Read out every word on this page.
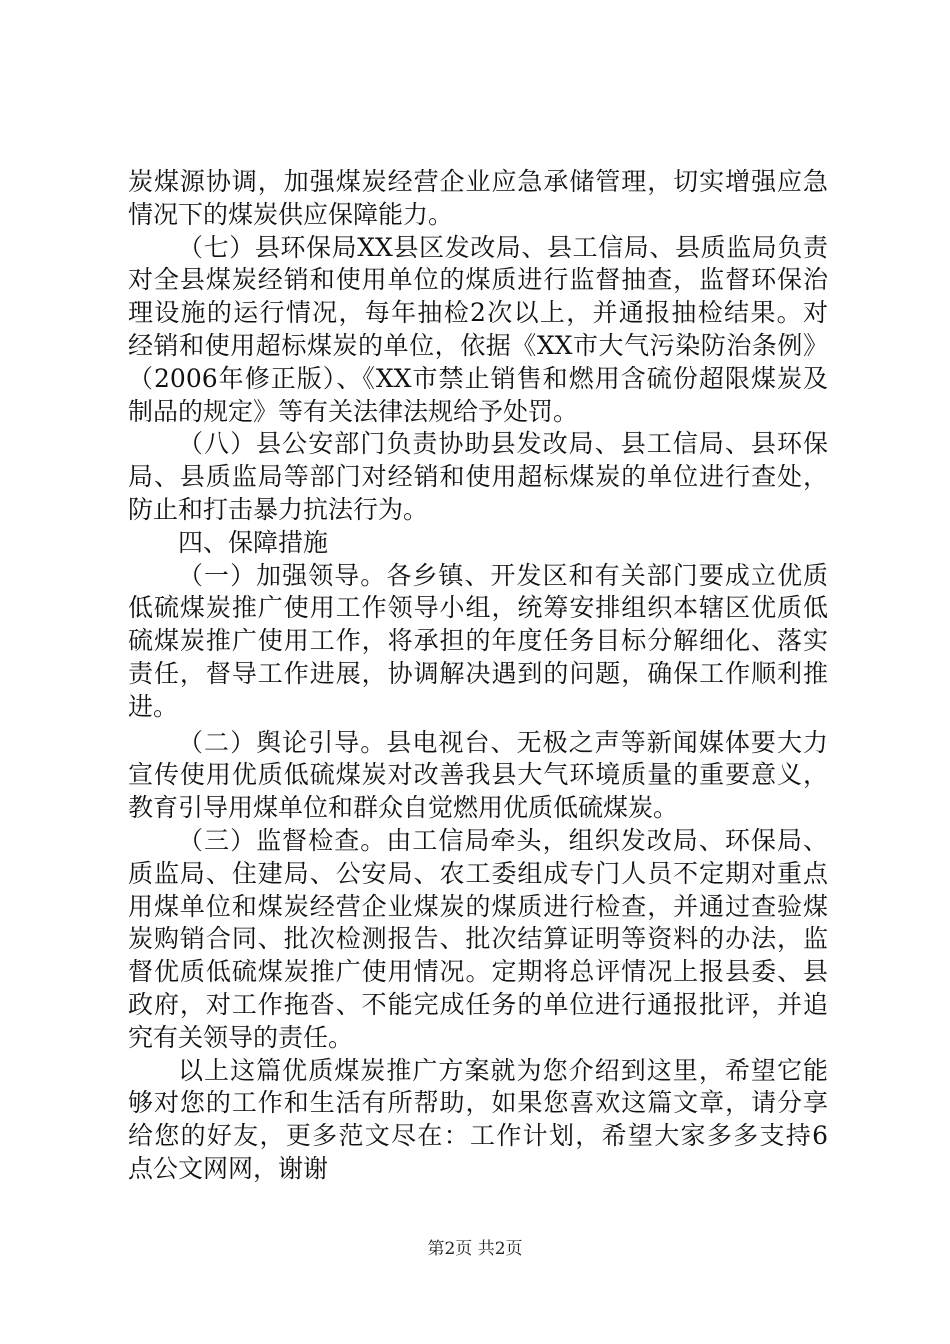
炭煤源协调，加强煤炭经营企业应急承储管理，切实增强应急
情况下的煤炭供应保障能力。
（七）县环保局XX县区发改局、县工信局、县质监局负责
对全县煤炭经销和使用单位的煤质进行监督抽查，监督环保治
理设施的运行情况，每年抽检2次以上，并通报抽检结果。对
经销和使用超标煤炭的单位，依据《XX市大气污染防治条例》
（2006年修正版）、《XX市禁止销售和燃用含硫份超限煤炭及
制品的规定》等有关法律法规给予处罚。
（八）县公安部门负责协助县发改局、县工信局、县环保
局、县质监局等部门对经销和使用超标煤炭的单位进行查处，
防止和打击暴力抗法行为。
四、保障措施
（一）加强领导。各乡镇、开发区和有关部门要成立优质
低硫煤炭推广使用工作领导小组，统筹安排组织本辖区优质低
硫煤炭推广使用工作，将承担的年度任务目标分解细化、落实
责任，督导工作进展，协调解决遇到的问题，确保工作顺利推
进。
（二）舆论引导。县电视台、无极之声等新闻媒体要大力
宣传使用优质低硫煤炭对改善我县大气环境质量的重要意义，
教育引导用煤单位和群众自觉燃用优质低硫煤炭。
（三）监督检查。由工信局牵头，组织发改局、环保局、
质监局、住建局、公安局、农工委组成专门人员不定期对重点
用煤单位和煤炭经营企业煤炭的煤质进行检查，并通过查验煤
炭购销合同、批次检测报告、批次结算证明等资料的办法，监
督优质低硫煤炭推广使用情况。定期将总评情况上报县委、县
政府，对工作拖沓、不能完成任务的单位进行通报批评，并追
究有关领导的责任。
以上这篇优质煤炭推广方案就为您介绍到这里，希望它能
够对您的工作和生活有所帮助，如果您喜欢这篇文章，请分享
给您的好友，更多范文尽在：工作计划，希望大家多多支持6
点公文网网，谢谢
第2页 共2页
